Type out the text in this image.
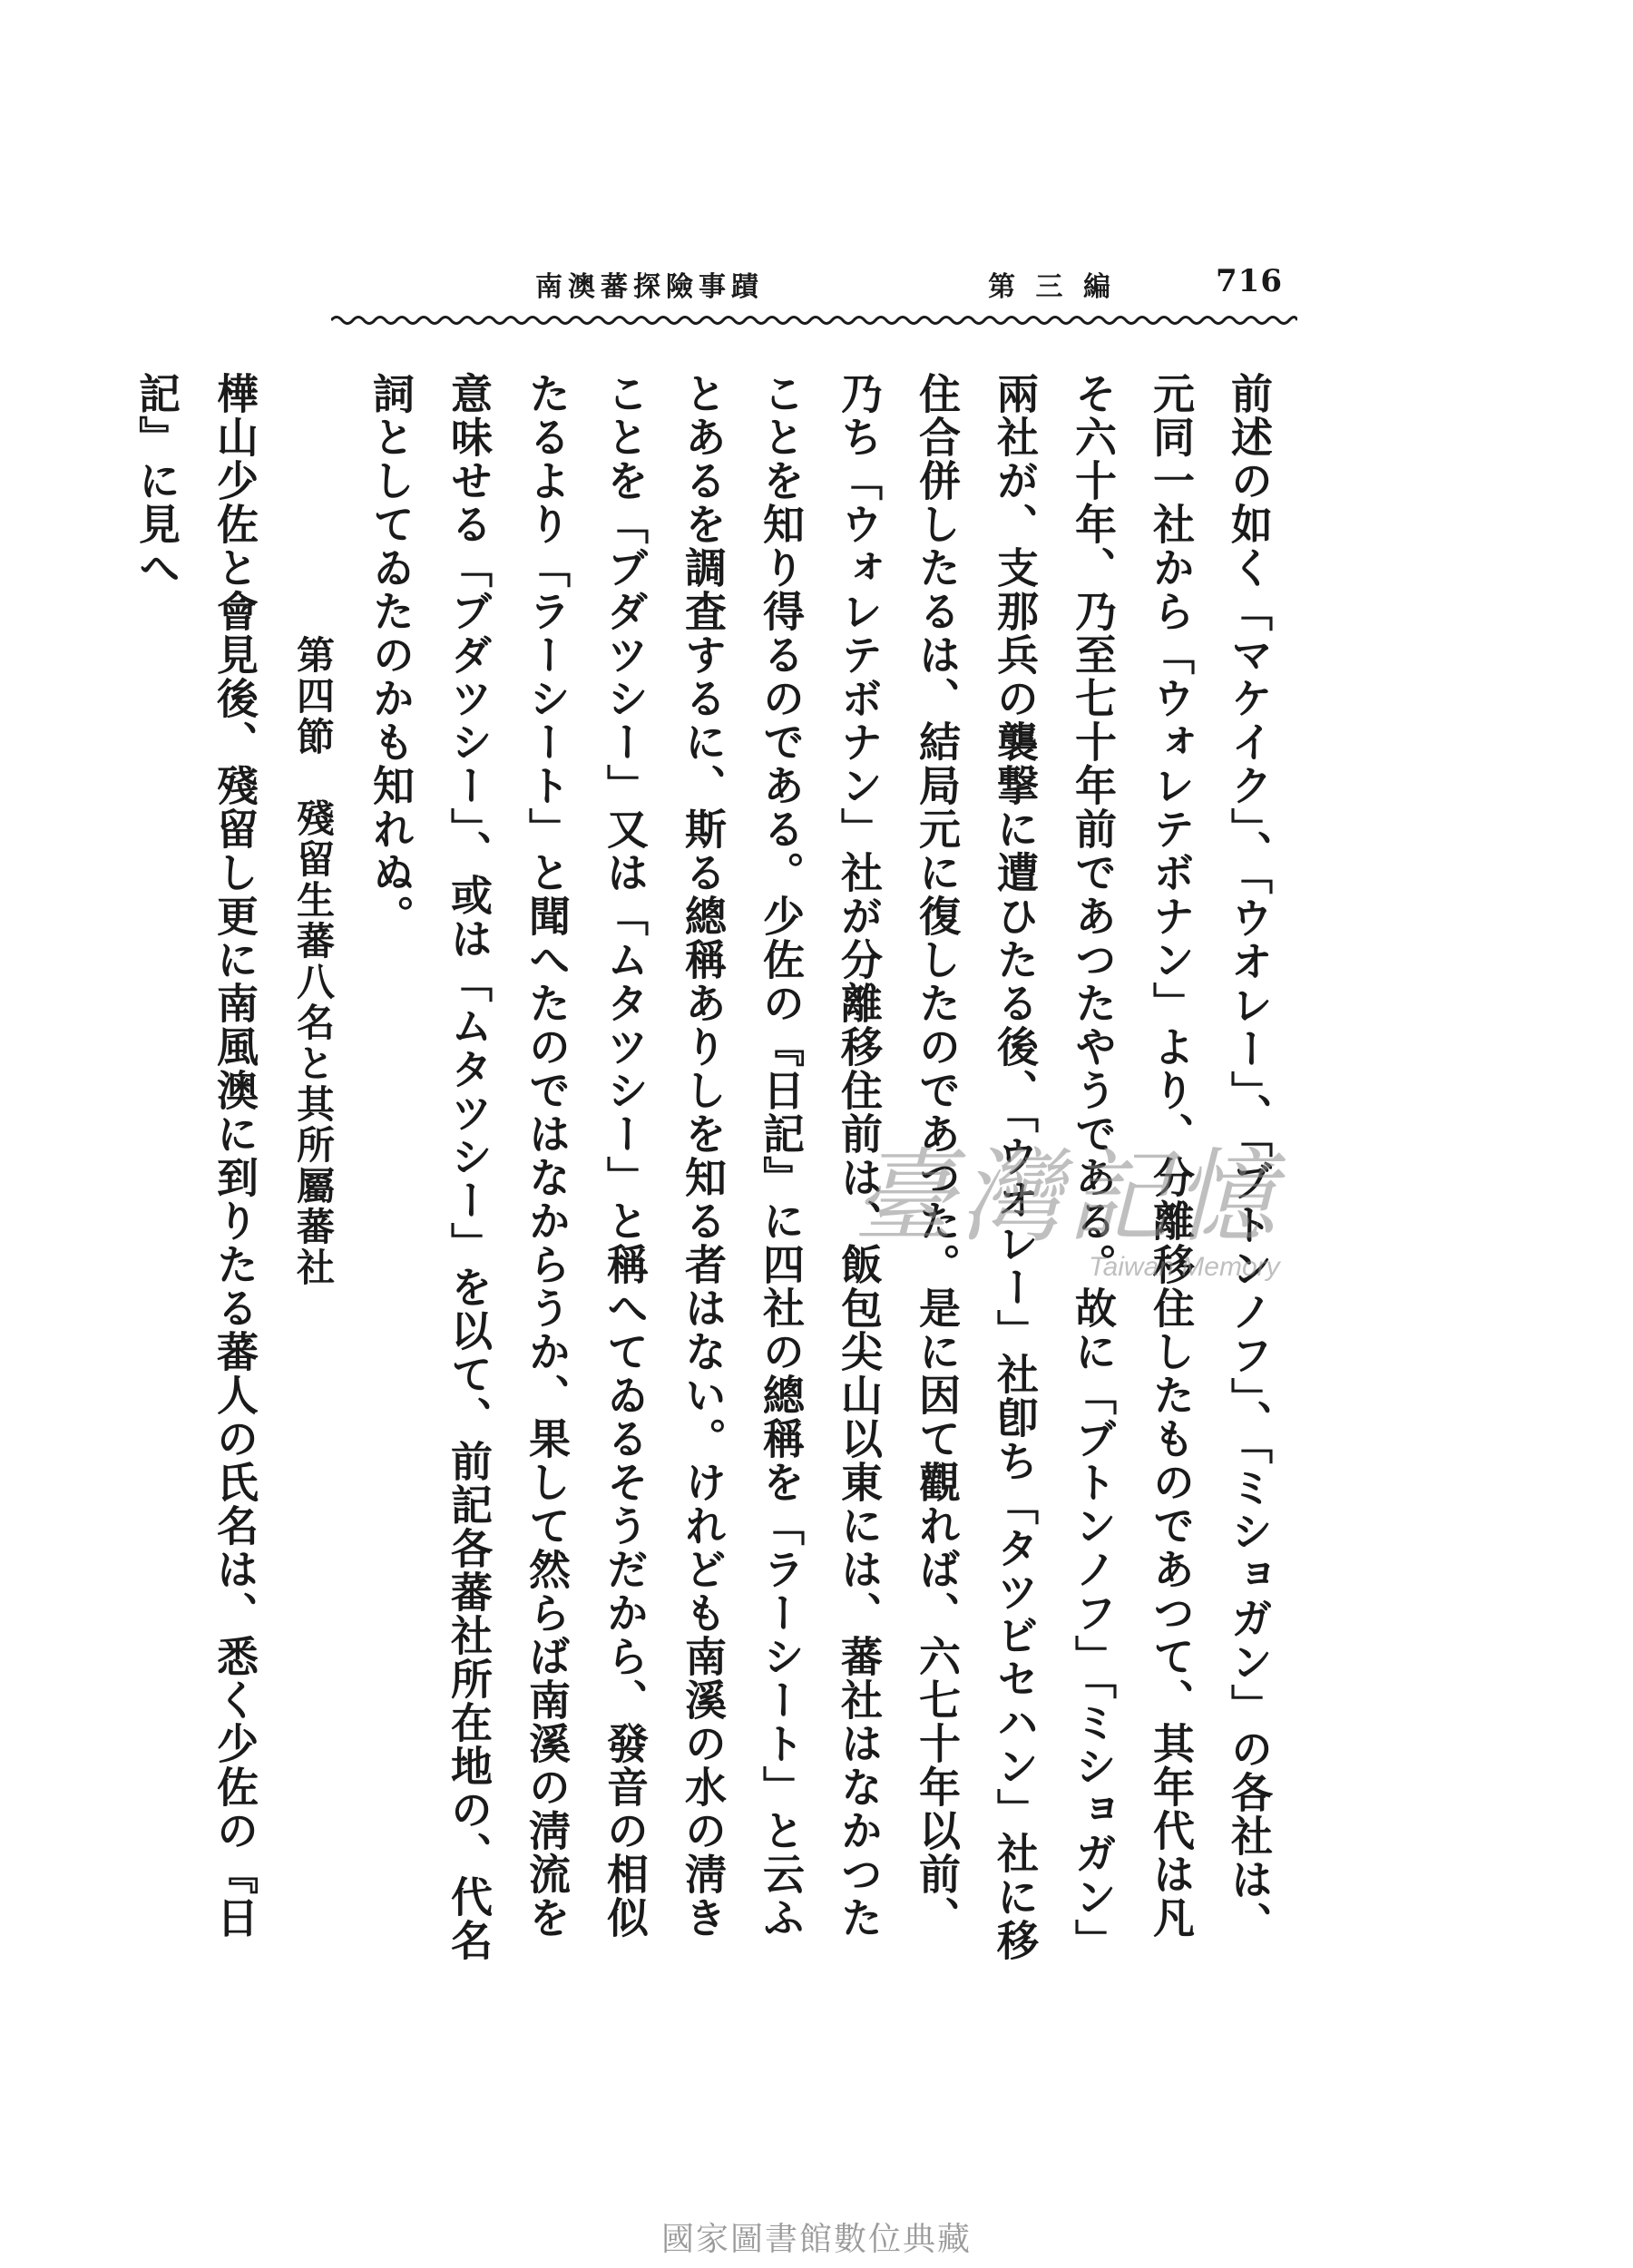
716
南澳蕃探險事蹟	第 三 編

前述の如く「マケイク」、「ウオレー」、「ブトンノフ」、「ミショガン」の各社は、元同一社から「ウォレテボナン」より、分離移住したものであつて、其年代は凡そ六十年、乃至七十年前であつたやうである。故に「ブトンノフ」「ミショガン」兩社が、支那兵の襲撃に遭ひたる後、「ウオレー」社卽ち「タツビセハン」社に移住合併したるは、結局元に復したのであつた。是に因て觀れば、六七十年以前、乃ち「ウォレテボナン」社が分離移住前は、飯包尖山以東には、蕃社はなかつたことを知り得るのである。少佐の『日記』に四社の總稱を「ラーシート」と云ふとあるを調査するに、斯る總稱ありしを知る者はない。けれども南溪の水の淸きことを「ブダツシー」又は「ムタツシー」と稱へてゐるそうだから、發音の相似たるより「ラーシート」と聞へたのではなからうか、果して然らば南溪の淸流を意味せる「ブダツシー」、或は「ムタツシー」を以て、前記各蕃社所在地の、代名詞としてゐたのかも知れぬ。

第四節　殘留生蕃八名と其所屬蕃社

樺山少佐と會見後、殘留し更に南風澳に到りたる蕃人の氏名は、悉く少佐の『日記』に見へ

臺灣記憶
Taiwan Memory
國家圖書館數位典藏
